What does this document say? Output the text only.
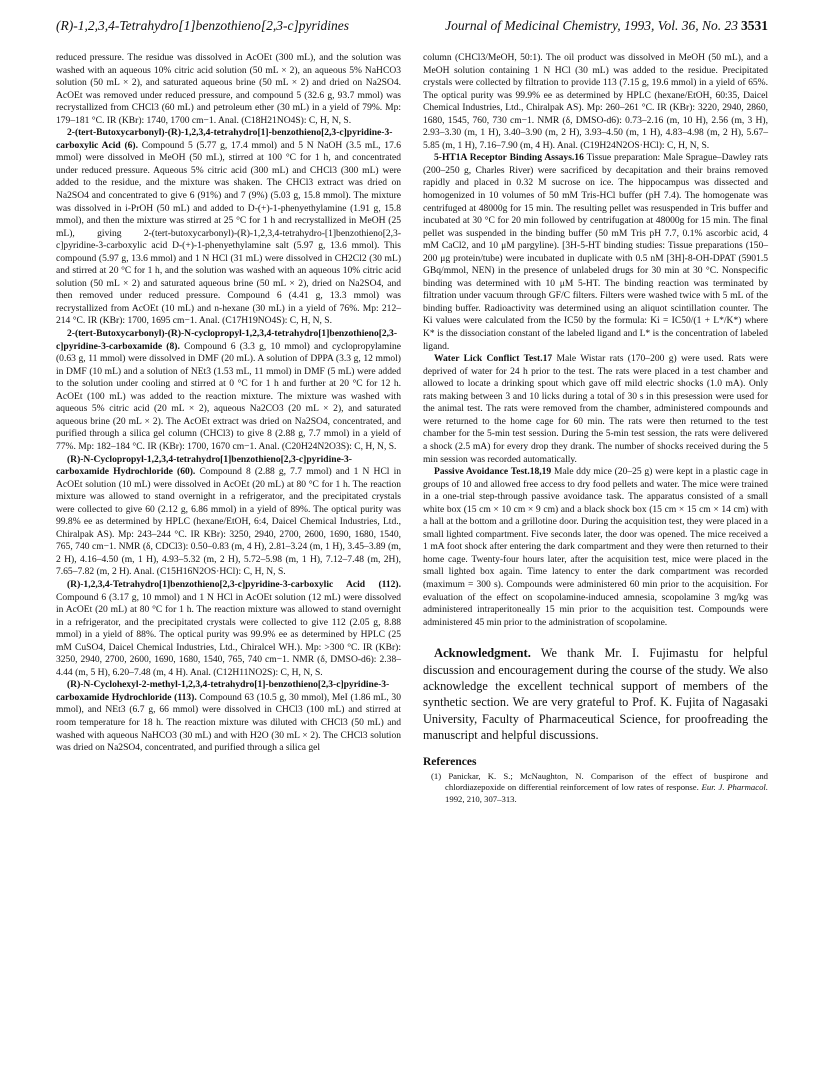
(R)-1,2,3,4-Tetrahydro[1]benzothieno[2,3-c]pyridines	Journal of Medicinal Chemistry, 1993, Vol. 36, No. 23 3531

reduced pressure. The residue was dissolved in AcOEt (300 mL), and the solution was washed with an aqueous 10% citric acid solution (50 mL × 2), an aqueous 5% NaHCO3 solution (50 mL × 2), and saturated aqueous brine (50 mL × 2) and dried on Na2SO4. AcOEt was removed under reduced pressure, and compound 5 (32.6 g, 93.7 mmol) was recrystallized from CHCl3 (60 mL) and petroleum ether (30 mL) in a yield of 79%. Mp: 179–181 °C. IR (KBr): 1740, 1700 cm−1. Anal. (C18H21NO4S): C, H, N, S.

2-(tert-Butoxycarbonyl)-(R)-1,2,3,4-tetrahydro[1]-benzothieno[2,3-c]pyridine-3-carboxylic Acid (6). Compound 5 (5.77 g, 17.4 mmol) and 5 N NaOH (3.5 mL, 17.6 mmol) were dissolved in MeOH (50 mL), stirred at 100 °C for 1 h, and concentrated under reduced pressure. Aqueous 5% citric acid (300 mL) and CHCl3 (300 mL) were added to the residue, and the mixture was shaken. The CHCl3 extract was dried on Na2SO4 and concentrated to give 6 (91%) and 7 (9%) (5.03 g, 15.8 mmol). The mixture was dissolved in i-PrOH (50 mL) and added to D-(+)-1-phenyethylamine (1.91 g, 15.8 mmol), and then the mixture was stirred at 25 °C for 1 h and recrystallized in MeOH (25 mL), giving 2-(tert-butoxycarbonyl)-(R)-1,2,3,4-tetrahydro-[1]benzothieno[2,3-c]pyridine-3-carboxylic acid D-(+)-1-phenyethylamine salt (5.97 g, 13.6 mmol). This compound (5.97 g, 13.6 mmol) and 1 N HCl (31 mL) were dissolved in CH2Cl2 (30 mL) and stirred at 20 °C for 1 h, and the solution was washed with an aqueous 10% citric acid solution (50 mL × 2) and saturated aqueous brine (50 mL × 2), dried on Na2SO4, and then removed under reduced pressure. Compound 6 (4.41 g, 13.3 mmol) was recrystallized from AcOEt (10 mL) and n-hexane (30 mL) in a yield of 76%. Mp: 212–214 °C. IR (KBr): 1700, 1695 cm−1. Anal. (C17H19NO4S): C, H, N, S.

2-(tert-Butoxycarbonyl)-(R)-N-cyclopropyl-1,2,3,4-tetrahydro[1]benzothieno[2,3-c]pyridine-3-carboxamide (8). Compound 6 (3.3 g, 10 mmol) and cyclopropylamine (0.63 g, 11 mmol) were dissolved in DMF (20 mL). A solution of DPPA (3.3 g, 12 mmol) in DMF (10 mL) and a solution of NEt3 (1.53 mL, 11 mmol) in DMF (5 mL) were added to the solution under cooling and stirred at 0 °C for 1 h and further at 20 °C for 12 h. AcOEt (100 mL) was added to the reaction mixture. The mixture was washed with aqueous 5% citric acid (20 mL × 2), aqueous Na2CO3 (20 mL × 2), and saturated aqueous brine (20 mL × 2). The AcOEt extract was dried on Na2SO4, concentrated, and purified through a silica gel column (CHCl3) to give 8 (2.88 g, 7.7 mmol) in a yield of 77%. Mp: 182–184 °C. IR (KBr): 1700, 1670 cm−1. Anal. (C20H24N2O3S): C, H, N, S.

(R)-N-Cyclopropyl-1,2,3,4-tetrahydro[1]benzothieno[2,3-c]pyridine-3-carboxamide Hydrochloride (60). Compound 8 (2.88 g, 7.7 mmol) and 1 N HCl in AcOEt solution (10 mL) were dissolved in AcOEt (20 mL) at 80 °C for 1 h. The reaction mixture was allowed to stand overnight in a refrigerator, and the precipitated crystals were collected to give 60 (2.12 g, 6.86 mmol) in a yield of 89%. The optical purity was 99.8% ee as determined by HPLC (hexane/EtOH, 6:4, Daicel Chemical Industries, Ltd., Chiralpak AS). Mp: 243–244 °C. IR KBr): 3250, 2940, 2700, 2600, 1690, 1680, 1540, 765, 740 cm−1. NMR (δ, CDCl3): 0.50–0.83 (m, 4 H), 2.81–3.24 (m, 1 H), 3.45–3.89 (m, 2 H), 4.16–4.50 (m, 1 H), 4.93–5.32 (m, 2 H), 5.72–5.98 (m, 1 H), 7.12–7.48 (m, 2H), 7.65–7.82 (m, 2 H). Anal. (C15H16N2OS·HCl): C, H, N, S.

(R)-1,2,3,4-Tetrahydro[1]benzothieno[2,3-c]pyridine-3-carboxylic Acid (112). Compound 6 (3.17 g, 10 mmol) and 1 N HCl in AcOEt solution (12 mL) were dissolved in AcOEt (20 mL) at 80 °C for 1 h. The reaction mixture was allowed to stand overnight in a refrigerator, and the precipitated crystals were collected to give 112 (2.05 g, 8.88 mmol) in a yield of 88%. The optical purity was 99.9% ee as determined by HPLC (25 mM CuSO4, Daicel Chemical Industries, Ltd., Chiralcel WH.). Mp: >300 °C. IR (KBr): 3250, 2940, 2700, 2600, 1690, 1680, 1540, 765, 740 cm−1. NMR (δ, DMSO-d6): 2.38–4.44 (m, 5 H), 6.20–7.48 (m, 4 H). Anal. (C12H11NO2S): C, H, N, S.

(R)-N-Cyclohexyl-2-methyl-1,2,3,4-tetrahydro[1]-benzothieno[2,3-c]pyridine-3-carboxamide Hydrochloride (113). Compound 63 (10.5 g, 30 mmol), MeI (1.86 mL, 30 mmol), and NEt3 (6.7 g, 66 mmol) were dissolved in CHCl3 (100 mL) and stirred at room temperature for 18 h. The reaction mixture was diluted with CHCl3 (50 mL) and washed with aqueous NaHCO3 (30 mL) and with H2O (30 mL × 2). The CHCl3 solution was dried on Na2SO4, concentrated, and purified through a silica gel

column (CHCl3/MeOH, 50:1). The oil product was dissolved in MeOH (50 mL), and a MeOH solution containing 1 N HCl (30 mL) was added to the residue. Precipitated crystals were collected by filtration to provide 113 (7.15 g, 19.6 mmol) in a yield of 65%. The optical purity was 99.9% ee as determined by HPLC (hexane/EtOH, 60:35, Daicel Chemical Industries, Ltd., Chiralpak AS). Mp: 260–261 °C. IR (KBr): 3220, 2940, 2860, 1680, 1545, 760, 730 cm−1. NMR (δ, DMSO-d6): 0.73–2.16 (m, 10 H), 2.56 (m, 3 H), 2.93–3.30 (m, 1 H), 3.40–3.90 (m, 2 H), 3.93–4.50 (m, 1 H), 4.83–4.98 (m, 2 H), 5.67–5.85 (m, 1 H), 7.16–7.90 (m, 4 H). Anal. (C19H24N2OS·HCl): C, H, N, S.

5-HT1A Receptor Binding Assays.16 Tissue preparation: Male Sprague–Dawley rats (200–250 g, Charles River) were sacrificed by decapitation and their brains removed rapidly and placed in 0.32 M sucrose on ice. The hippocampus was dissected and homogenized in 10 volumes of 50 mM Tris-HCl buffer (pH 7.4). The homogenate was centrifuged at 48000g for 15 min. The resulting pellet was resuspended in Tris buffer and incubated at 30 °C for 20 min followed by centrifugation at 48000g for 15 min. The final pellet was suspended in the binding buffer (50 mM Tris pH 7.7, 0.1% ascorbic acid, 4 mM CaCl2, and 10 μM pargyline). [3H-5-HT binding studies: Tissue preparations (150–200 μg protein/tube) were incubated in duplicate with 0.5 nM [3H]-8-OH-DPAT (5901.5 GBq/mmol, NEN) in the presence of unlabeled drugs for 30 min at 30 °C. Nonspecific binding was determined with 10 μM 5-HT. The binding reaction was terminated by filtration under vacuum through GF/C filters. Filters were washed twice with 5 mL of the binding buffer. Radioactivity was determined using an aliquot scintillation counter. The Ki values were calculated from the IC50 by the formula: Ki = IC50/(1 + L*/K*) where K* is the dissociation constant of the labeled ligand and L* is the concentration of labeled ligand.

Water Lick Conflict Test.17 Male Wistar rats (170–200 g) were used. Rats were deprived of water for 24 h prior to the test. The rats were placed in a test chamber and allowed to locate a drinking spout which gave off mild electric shocks (1.0 mA). Only rats making between 3 and 10 licks during a total of 30 s in this presession were used for the animal test. The rats were removed from the chamber, administered compounds and were returned to the home cage for 60 min. The rats were then returned to the test chamber for the 5-min test session. During the 5-min test session, the rats were delivered a shock (2.5 mA) for every drop they drank. The number of shocks received during the 5 min session was recorded automatically.

Passive Avoidance Test.18,19 Male ddy mice (20–25 g) were kept in a plastic cage in groups of 10 and allowed free access to dry food pellets and water. The mice were trained in a one-trial step-through passive avoidance task. The apparatus consisted of a small white box (15 cm × 10 cm × 9 cm) and a black shock box (15 cm × 15 cm × 14 cm) with a hall at the bottom and a grillotine door. During the acquisition test, they were placed in a small lighted compartment. Five seconds later, the door was opened. The mice received a 1 mA foot shock after entering the dark compartment and they were then returned to their home cage. Twenty-four hours later, after the acquisition test, mice were placed in the small lighted box again. Time latency to enter the dark compartment was recorded (maximum = 300 s). Compounds were administered 60 min prior to the acquisition. For evaluation of the effect on scopolamine-induced amnesia, scopolamine 3 mg/kg was administered intraperitoneally 15 min prior to the acquisition test. Compounds were administered 45 min prior to the administration of scopolamine.

Acknowledgment. We thank Mr. I. Fujimastu for helpful discussion and encouragement during the course of the study. We also acknowledge the excellent technical support of members of the synthetic section. We are very grateful to Prof. K. Fujita of Nagasaki University, Faculty of Pharmaceutical Science, for proofreading the manuscript and helpful discussions.

References

(1) Panickar, K. S.; McNaughton, N. Comparison of the effect of buspirone and chlordiazepoxide on differential reinforcement of low rates of response. Eur. J. Pharmacol. 1992, 210, 307–313.
